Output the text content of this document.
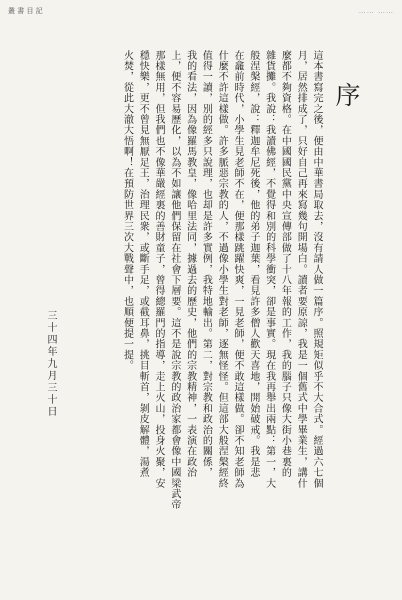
叢 書 目 記	…… ……
序
這本書寫完之後，便由中華書局取去，沒有請人做一篇序。照規矩似乎不大合式。經過六七個
月，居然排成了，只好自己再來寫幾句開場白。讀者要原諒，我是一個舊式中學畢業生，講什
麼都不夠資格。在中國國民黨中央宣傳部做了十八年報的工作，我的腦子只像大街小巷裏的
雜貨攤。我說：我讀佛經，不覺得和別的科學衝突，卻是事實。現在我再舉出兩點：第一，大
般涅槃經，說：釋迦牟尼死後，他的弟子迦葉，看見許多僧人歡天喜地，開始破戒。我是悲
在龕前時代，小學生見老師不在，便那樣跳躍快爽，一見老師，便不敢這樣做。卻不知老師為
什麼不許這樣做。許多脈惡宗教的人，不過像小學生對老師，逐無怪怪。但這部大般涅槃經終
值得一讀，別的經多只說理，也却是許多實例，我特地輸出。第二，對宗教和政治的關係，
我的看法，因為像羅馬教皇，像哈里法同，據過去的歷史，他們的宗教精神，一表演在政治
上，便不容易歷化，以為不如讓他們保留在社會下層要。這不是說宗教的政治家都會像中國梁武帝
那樣無用，但我們也不像華嚴經裏的善財童子，曾得總羅門的指導，走上火山，投身火聚，安
穩快樂，更不曾見無厭足王，治理民衆，或斷手足，或截耳鼻，挑目斬首，剝皮解體，湯煮
火焚，從此大澈大悟啊！在預防世界三次大戰聲中，也順便提一提。
三十四年九月三十日
